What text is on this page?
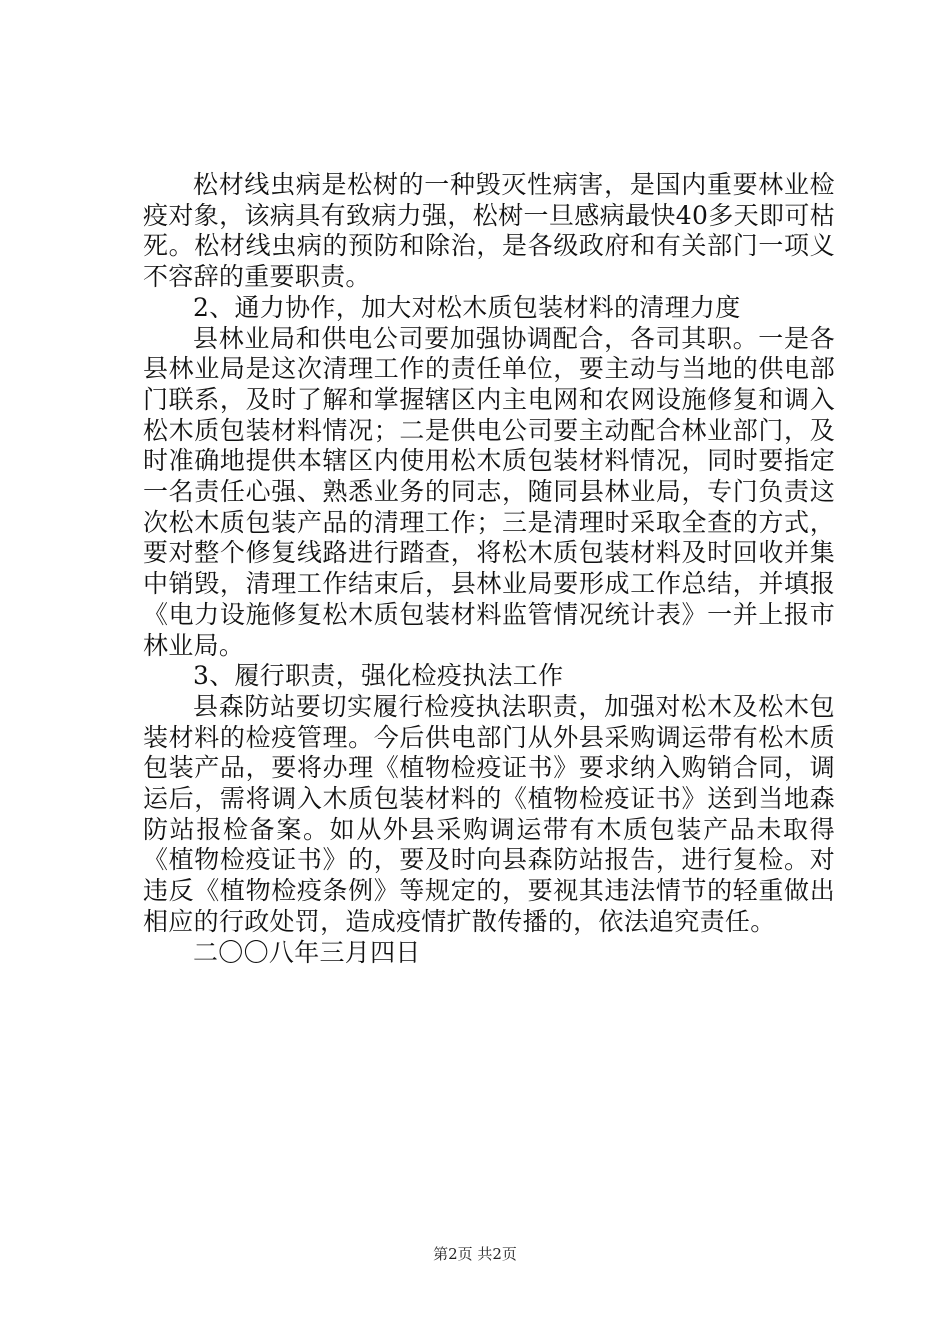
松材线虫病是松树的一种毁灭性病害，是国内重要林业检疫对象，该病具有致病力强，松树一旦感病最快40多天即可枯死。松材线虫病的预防和除治，是各级政府和有关部门一项义不容辞的重要职责。

2、通力协作，加大对松木质包装材料的清理力度

县林业局和供电公司要加强协调配合，各司其职。一是各县林业局是这次清理工作的责任单位，要主动与当地的供电部门联系，及时了解和掌握辖区内主电网和农网设施修复和调入松木质包装材料情况；二是供电公司要主动配合林业部门，及时准确地提供本辖区内使用松木质包装材料情况，同时要指定一名责任心强、熟悉业务的同志，随同县林业局，专门负责这次松木质包装产品的清理工作；三是清理时采取全查的方式，要对整个修复线路进行踏查，将松木质包装材料及时回收并集中销毁，清理工作结束后，县林业局要形成工作总结，并填报《电力设施修复松木质包装材料监管情况统计表》一并上报市林业局。

3、履行职责，强化检疫执法工作

县森防站要切实履行检疫执法职责，加强对松木及松木包装材料的检疫管理。今后供电部门从外县采购调运带有松木质包装产品，要将办理《植物检疫证书》要求纳入购销合同，调运后，需将调入木质包装材料的《植物检疫证书》送到当地森防站报检备案。如从外县采购调运带有木质包装产品未取得《植物检疫证书》的，要及时向县森防站报告，进行复检。对违反《植物检疫条例》等规定的，要视其违法情节的轻重做出相应的行政处罚，造成疫情扩散传播的，依法追究责任。

二〇〇八年三月四日

第2页 共2页
